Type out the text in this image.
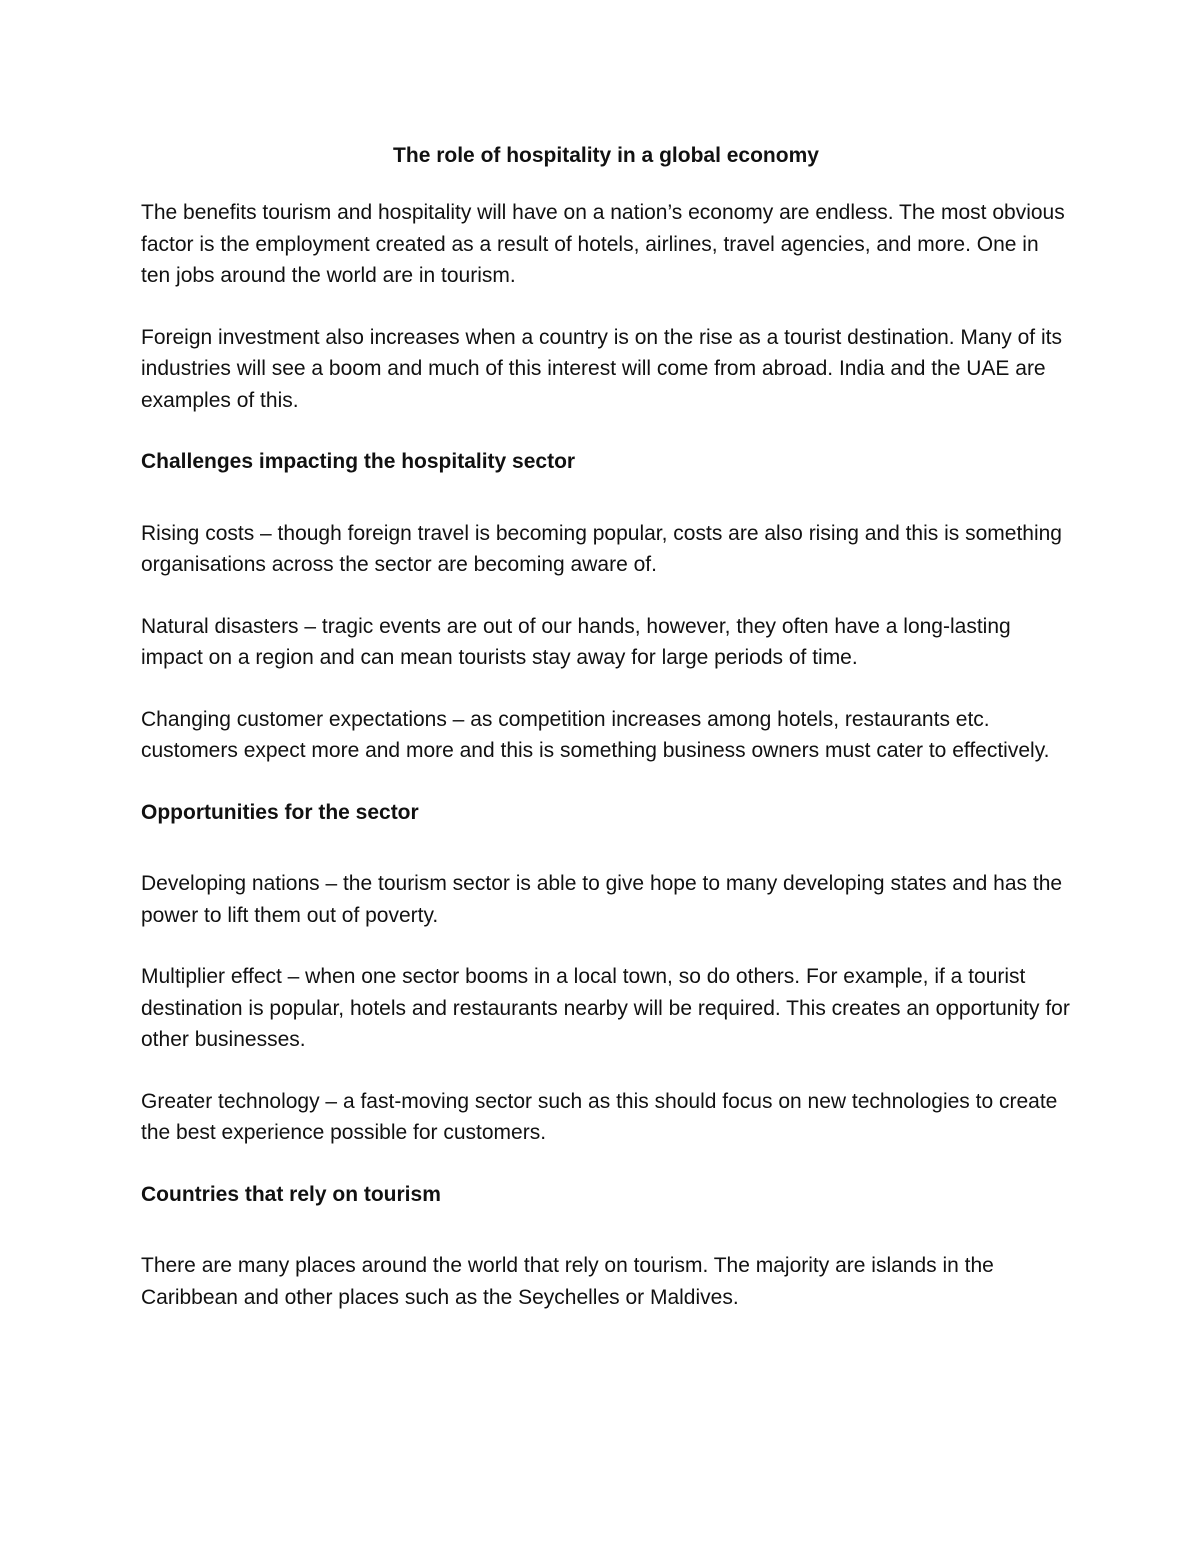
The role of hospitality in a global economy

The benefits tourism and hospitality will have on a nation’s economy are endless. The most obvious factor is the employment created as a result of hotels, airlines, travel agencies, and more. One in ten jobs around the world are in tourism.

Foreign investment also increases when a country is on the rise as a tourist destination. Many of its industries will see a boom and much of this interest will come from abroad. India and the UAE are examples of this.

Challenges impacting the hospitality sector

Rising costs – though foreign travel is becoming popular, costs are also rising and this is something organisations across the sector are becoming aware of.

Natural disasters – tragic events are out of our hands, however, they often have a long-lasting impact on a region and can mean tourists stay away for large periods of time.

Changing customer expectations – as competition increases among hotels, restaurants etc. customers expect more and more and this is something business owners must cater to effectively.

Opportunities for the sector

Developing nations – the tourism sector is able to give hope to many developing states and has the power to lift them out of poverty.

Multiplier effect – when one sector booms in a local town, so do others. For example, if a tourist destination is popular, hotels and restaurants nearby will be required. This creates an opportunity for other businesses.

Greater technology – a fast-moving sector such as this should focus on new technologies to create the best experience possible for customers.

Countries that rely on tourism

There are many places around the world that rely on tourism. The majority are islands in the Caribbean and other places such as the Seychelles or Maldives.
